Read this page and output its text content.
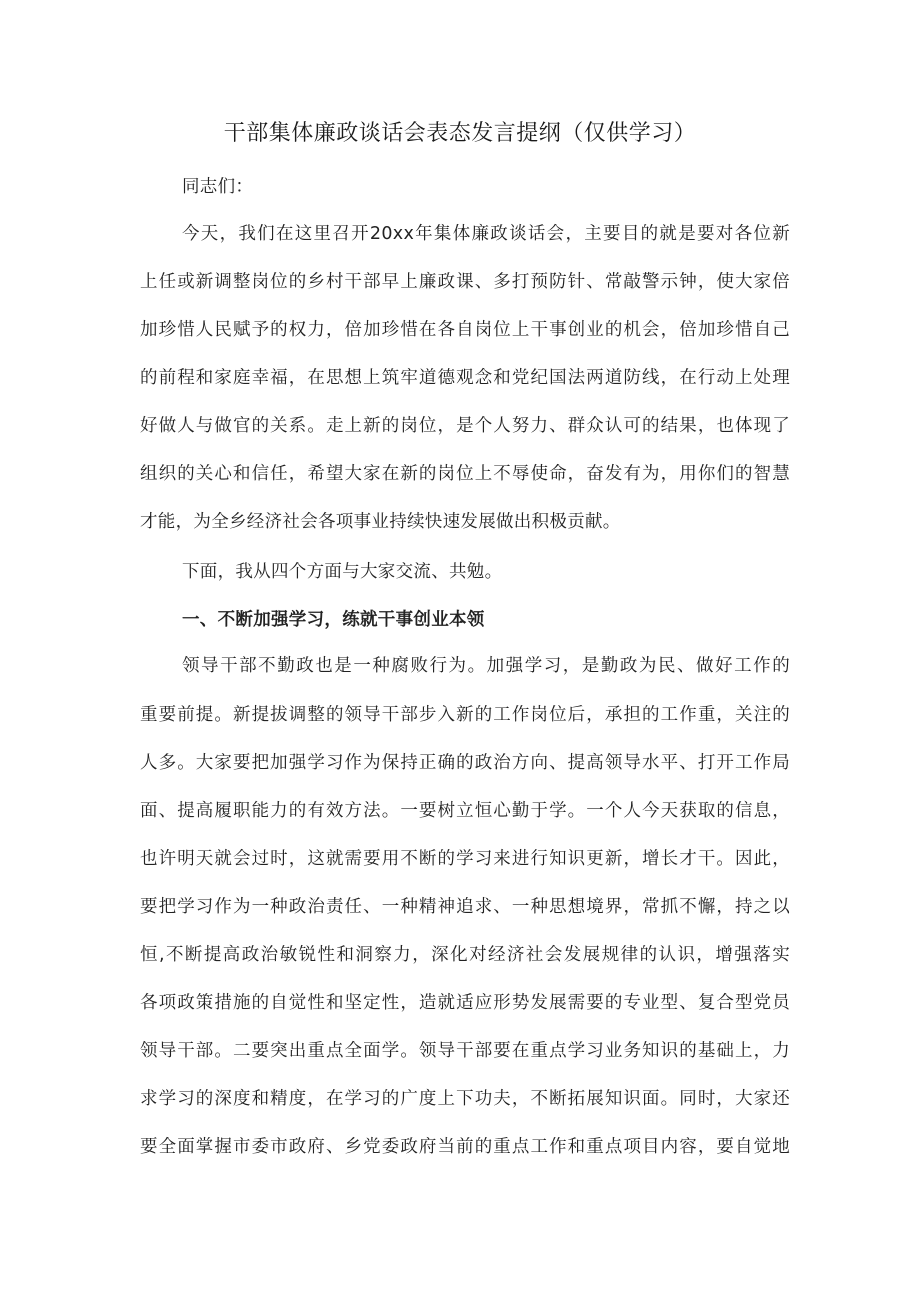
干部集体廉政谈话会表态发言提纲（仅供学习）
同志们：
今天，我们在这里召开20xx年集体廉政谈话会，主要目的就是要对各位新
上任或新调整岗位的乡村干部早上廉政课、多打预防针、常敲警示钟，使大家倍
加珍惜人民赋予的权力，倍加珍惜在各自岗位上干事创业的机会，倍加珍惜自己
的前程和家庭幸福，在思想上筑牢道德观念和党纪国法两道防线，在行动上处理
好做人与做官的关系。走上新的岗位，是个人努力、群众认可的结果，也体现了
组织的关心和信任，希望大家在新的岗位上不辱使命，奋发有为，用你们的智慧
才能，为全乡经济社会各项事业持续快速发展做出积极贡献。
下面，我从四个方面与大家交流、共勉。
一、不断加强学习，练就干事创业本领
领导干部不勤政也是一种腐败行为。加强学习，是勤政为民、做好工作的
重要前提。新提拔调整的领导干部步入新的工作岗位后，承担的工作重，关注的
人多。大家要把加强学习作为保持正确的政治方向、提高领导水平、打开工作局
面、提高履职能力的有效方法。一要树立恒心勤于学。一个人今天获取的信息，
也许明天就会过时，这就需要用不断的学习来进行知识更新，增长才干。因此，
要把学习作为一种政治责任、一种精神追求、一种思想境界，常抓不懈，持之以
恒,不断提高政治敏锐性和洞察力，深化对经济社会发展规律的认识，增强落实
各项政策措施的自觉性和坚定性，造就适应形势发展需要的专业型、复合型党员
领导干部。二要突出重点全面学。领导干部要在重点学习业务知识的基础上，力
求学习的深度和精度，在学习的广度上下功夫，不断拓展知识面。同时，大家还
要全面掌握市委市政府、乡党委政府当前的重点工作和重点项目内容，要自觉地
